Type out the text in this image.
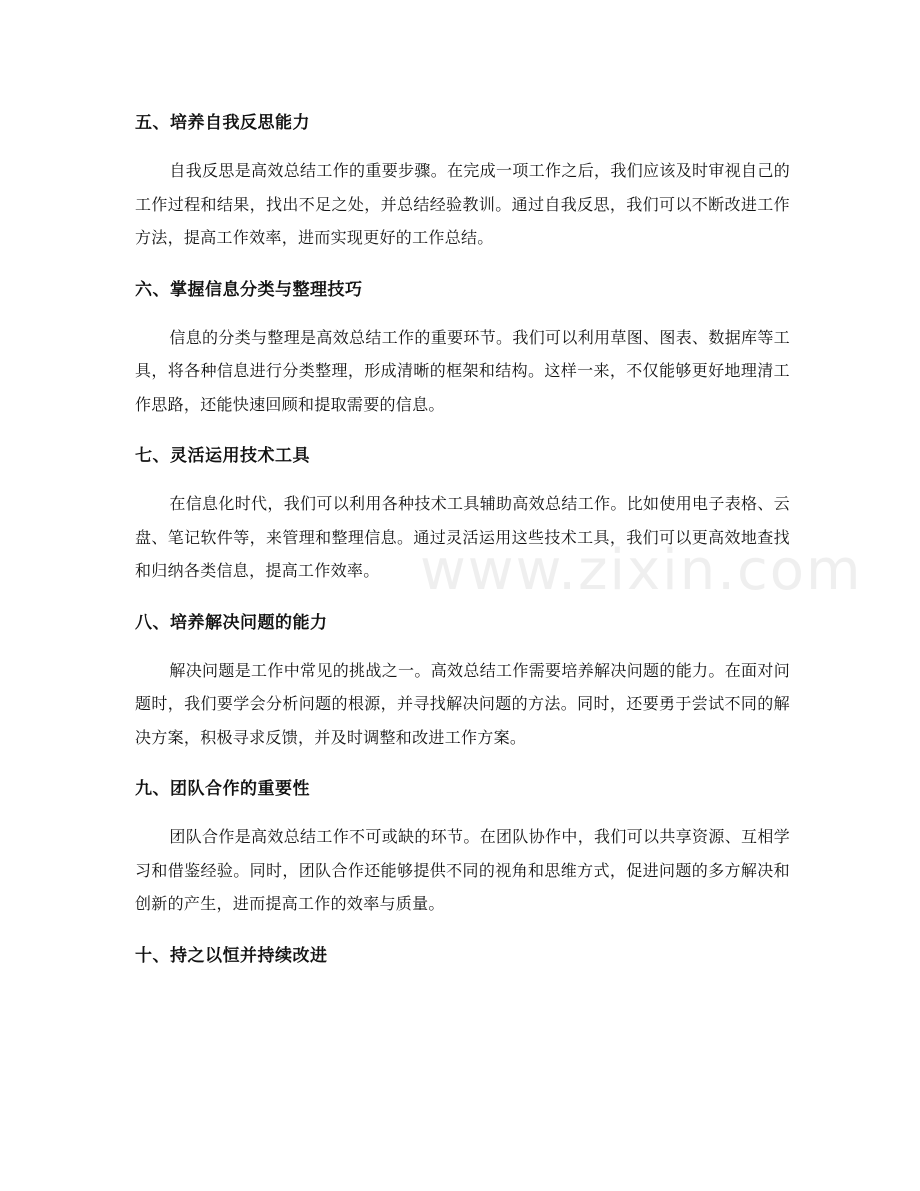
五、培养自我反思能力

自我反思是高效总结工作的重要步骤。在完成一项工作之后，我们应该及时审视自己的工作过程和结果，找出不足之处，并总结经验教训。通过自我反思，我们可以不断改进工作方法，提高工作效率，进而实现更好的工作总结。

六、掌握信息分类与整理技巧

信息的分类与整理是高效总结工作的重要环节。我们可以利用草图、图表、数据库等工具，将各种信息进行分类整理，形成清晰的框架和结构。这样一来，不仅能够更好地理清工作思路，还能快速回顾和提取需要的信息。

七、灵活运用技术工具

在信息化时代，我们可以利用各种技术工具辅助高效总结工作。比如使用电子表格、云盘、笔记软件等，来管理和整理信息。通过灵活运用这些技术工具，我们可以更高效地查找和归纳各类信息，提高工作效率。

八、培养解决问题的能力

解决问题是工作中常见的挑战之一。高效总结工作需要培养解决问题的能力。在面对问题时，我们要学会分析问题的根源，并寻找解决问题的方法。同时，还要勇于尝试不同的解决方案，积极寻求反馈，并及时调整和改进工作方案。

九、团队合作的重要性

团队合作是高效总结工作不可或缺的环节。在团队协作中，我们可以共享资源、互相学习和借鉴经验。同时，团队合作还能够提供不同的视角和思维方式，促进问题的多方解决和创新的产生，进而提高工作的效率与质量。

十、持之以恒并持续改进
www.zixin.com
